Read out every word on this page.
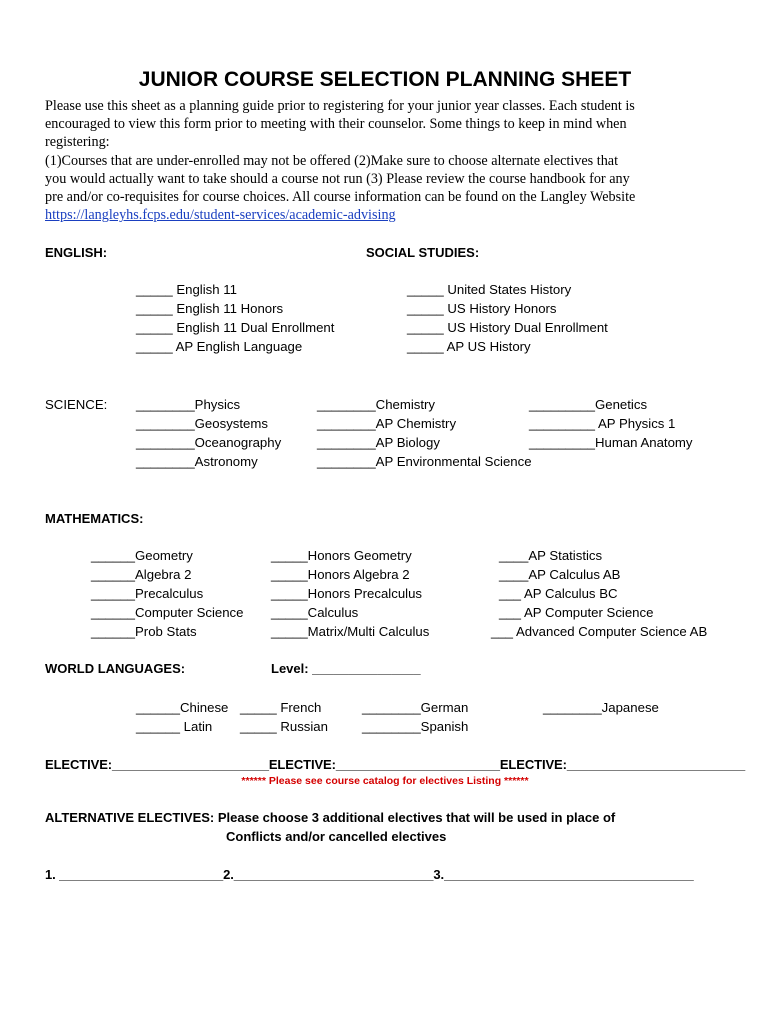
JUNIOR COURSE SELECTION PLANNING SHEET
Please use this sheet as a planning guide prior to registering for your junior year classes. Each student is
encouraged to view this form prior to meeting with their counselor. Some things to keep in mind when
registering:
(1)Courses that are under-enrolled may not be offered (2)Make sure to choose alternate electives that
you would actually want to take should a course not run (3) Please review the course handbook for any
pre and/or co-requisites for course choices. All course information can be found on the Langley Website
https://langleyhs.fcps.edu/student-services/academic-advising
ENGLISH:	SOCIAL STUDIES:
_____ English 11
_____ English 11 Honors
_____ English 11 Dual Enrollment
_____ AP English Language
_____ United States History
_____ US History Honors
_____ US History Dual Enrollment
_____ AP US History
SCIENCE: ________Physics
________Geosystems
________Oceanography
________Astronomy
________Chemistry
________AP Chemistry
________AP Biology
________AP Environmental Science
_________Genetics
_________ AP Physics 1
_________Human Anatomy
MATHEMATICS:
______Geometry
______Algebra 2
______Precalculus
______Computer Science
______Prob Stats
_____Honors Geometry
_____Honors Algebra 2
_____Honors Precalculus
_____Calculus
_____Matrix/Multi Calculus
____AP Statistics
____AP Calculus AB
___ AP Calculus BC
___ AP Computer Science
___ Advanced Computer Science AB
WORLD LANGUAGES:	Level: _______________
______Chinese
______ Latin
_____ French
_____ Russian
________German
________Spanish
________Japanese
ELECTIVE:______________________ELECTIVE:_______________________ELECTIVE:_________________________
****** Please see course catalog for electives Listing ******
ALTERNATIVE ELECTIVES: Please choose 3 additional electives that will be used in place of
Conflicts and/or cancelled electives
1. _______________________2.____________________________3.___________________________________
